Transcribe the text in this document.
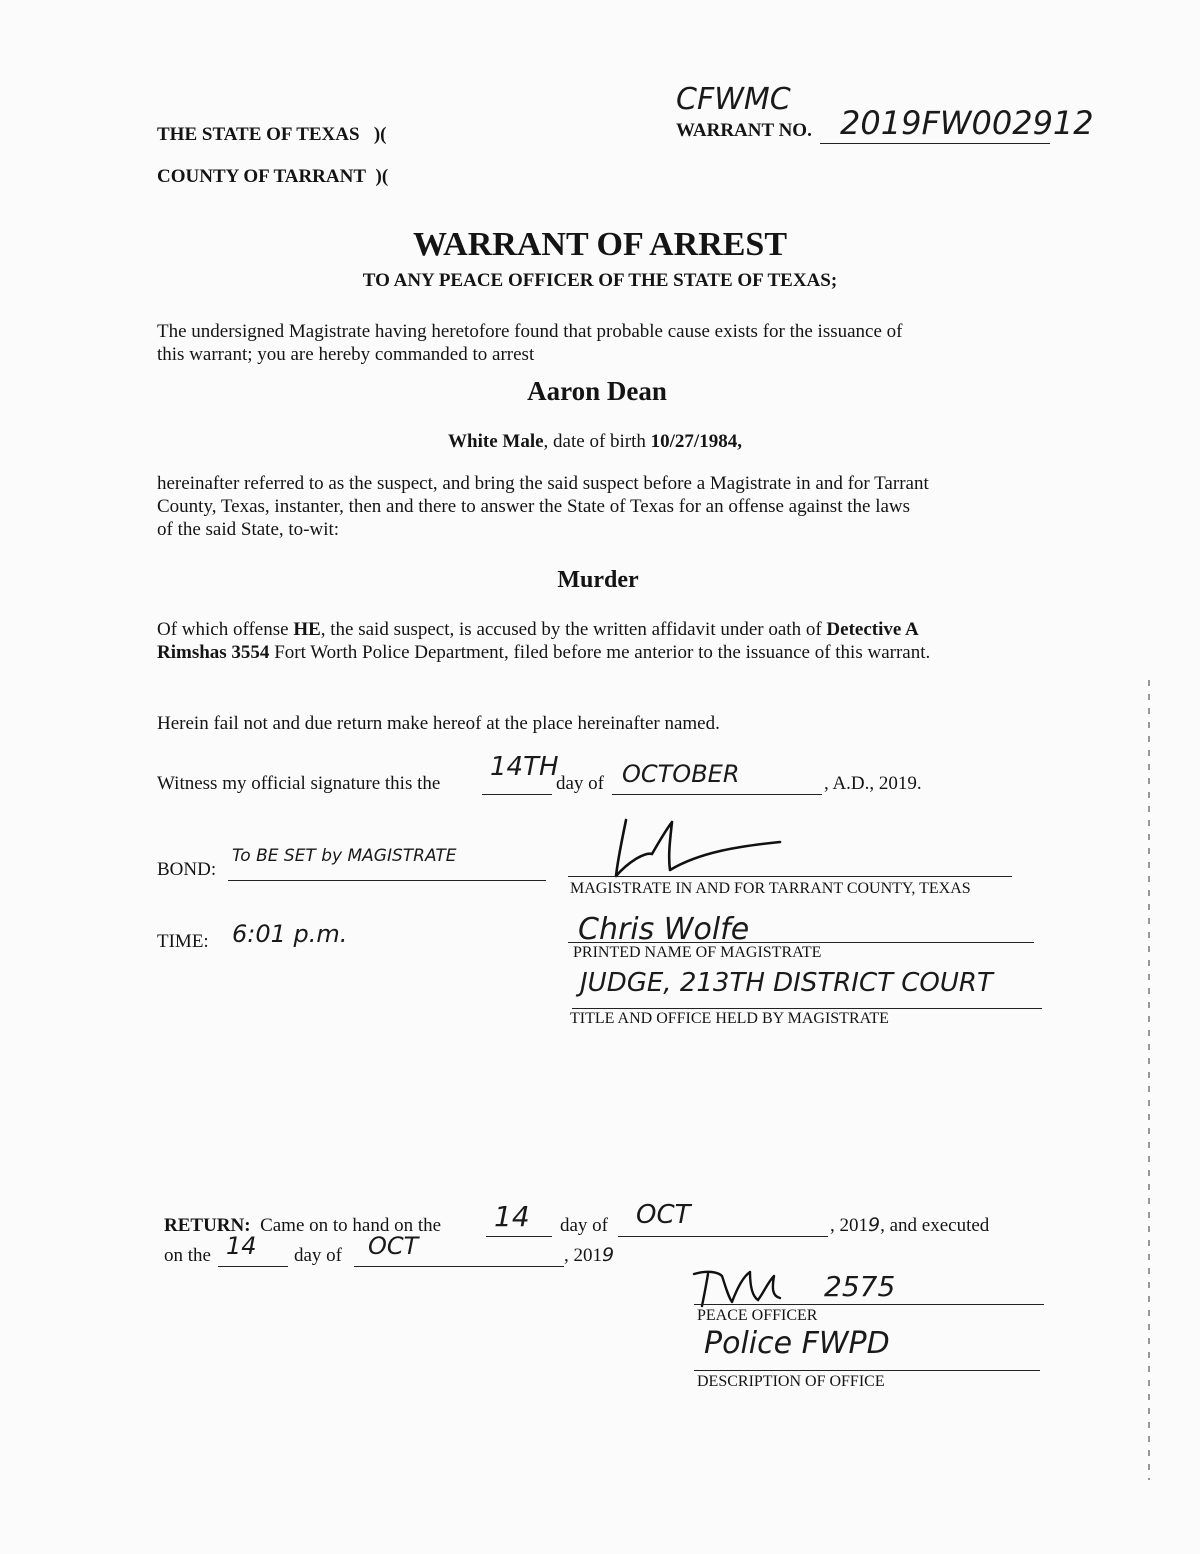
THE STATE OF TEXAS )(
COUNTY OF TARRANT )(
CFWMC
WARRANT NO. 2019FW002912
WARRANT OF ARREST
TO ANY PEACE OFFICER OF THE STATE OF TEXAS;
The undersigned Magistrate having heretofore found that probable cause exists for the issuance of
this warrant; you are hereby commanded to arrest
Aaron Dean
White Male, date of birth 10/27/1984,
hereinafter referred to as the suspect, and bring the said suspect before a Magistrate in and for Tarrant
County, Texas, instanter, then and there to answer the State of Texas for an offense against the laws
of the said State, to-wit:
Murder
Of which offense HE, the said suspect, is accused by the written affidavit under oath of Detective A
Rimshas 3554 Fort Worth Police Department, filed before me anterior to the issuance of this warrant.
Herein fail not and due return make hereof at the place hereinafter named.
Witness my official signature this the
14TH
day of OCTOBER	, A.D., 2019.
BOND:
To BE SET by MAGISTRATE
MAGISTRATE IN AND FOR TARRANT COUNTY, TEXAS
TIME: 6:01 p.m.	Chris Wolfe
PRINTED NAME OF MAGISTRATE
JUDGE, 213TH DISTRICT COURT
TITLE AND OFFICE HELD BY MAGISTRATE
RETURN: Came on to hand on the 14 day of OCT	, 2019, and executed
on the 14 day of OCT	, 2019
2575
PEACE OFFICER
Police FWPD
DESCRIPTION OF OFFICE
